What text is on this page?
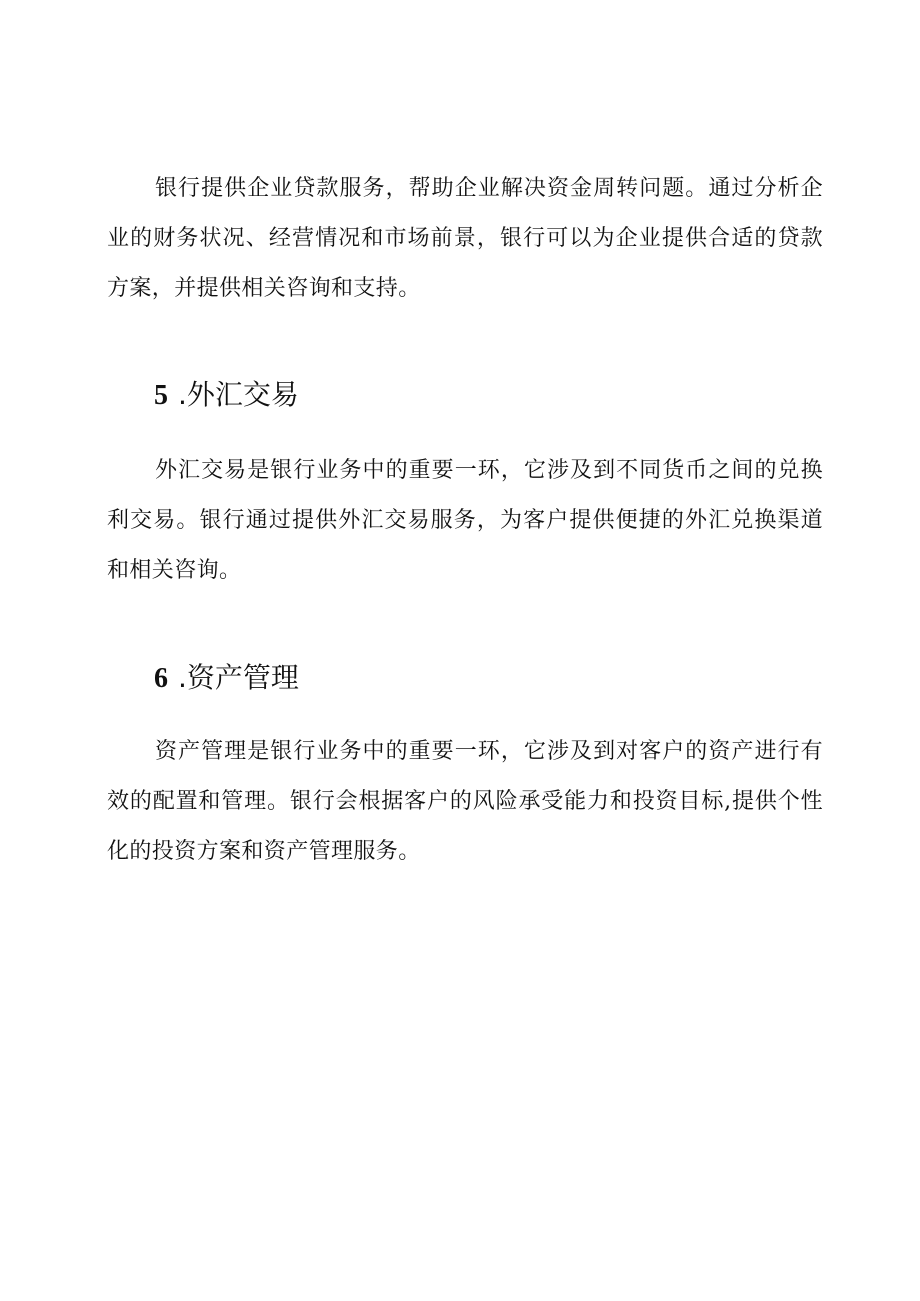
银行提供企业贷款服务，帮助企业解决资金周转问题。通过分析企业的财务状况、经营情况和市场前景，银行可以为企业提供合适的贷款方案，并提供相关咨询和支持。

5 .外汇交易

外汇交易是银行业务中的重要一环，它涉及到不同货币之间的兑换利交易。银行通过提供外汇交易服务，为客户提供便捷的外汇兑换渠道和相关咨询。

6 .资产管理

资产管理是银行业务中的重要一环，它涉及到对客户的资产进行有效的配置和管理。银行会根据客户的风险承受能力和投资目标,提供个性化的投资方案和资产管理服务。
